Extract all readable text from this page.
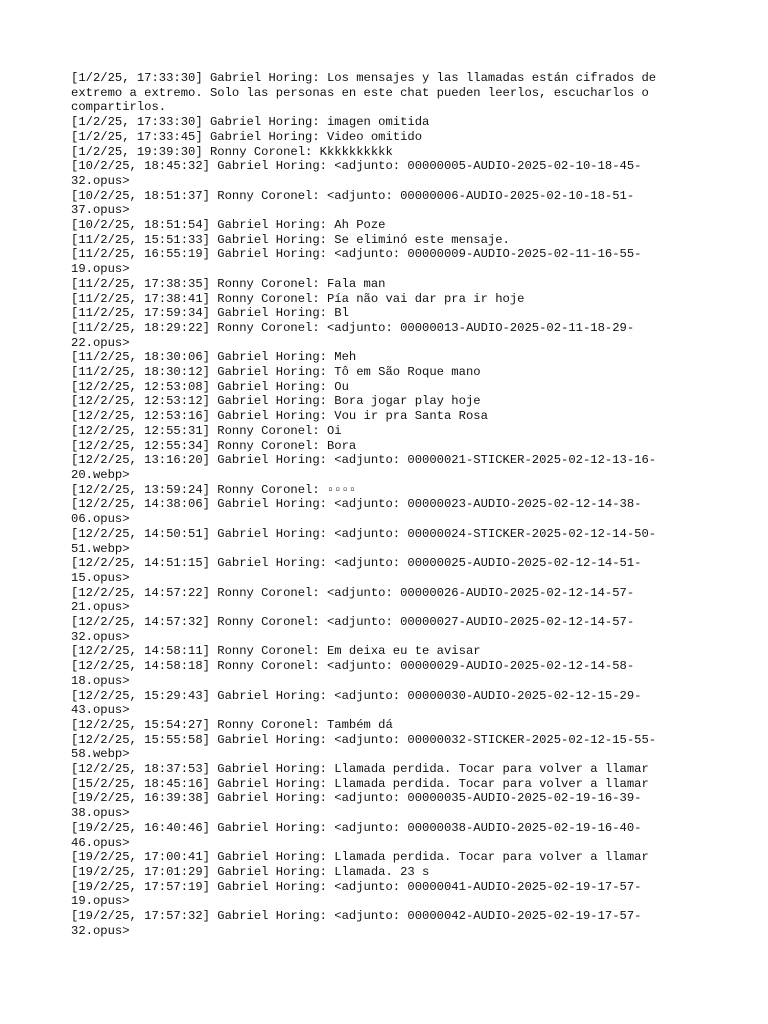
[1/2/25, 17:33:30] Gabriel Horing: Los mensajes y las llamadas están cifrados de
extremo a extremo. Solo las personas en este chat pueden leerlos, escucharlos o
compartirlos.
[1/2/25, 17:33:30] Gabriel Horing: imagen omitida
[1/2/25, 17:33:45] Gabriel Horing: Video omitido
[1/2/25, 19:39:30] Ronny Coronel: Kkkkkkkkkk
[10/2/25, 18:45:32] Gabriel Horing: <adjunto: 00000005-AUDIO-2025-02-10-18-45-
32.opus>
[10/2/25, 18:51:37] Ronny Coronel: <adjunto: 00000006-AUDIO-2025-02-10-18-51-
37.opus>
[10/2/25, 18:51:54] Gabriel Horing: Ah Poze
[11/2/25, 15:51:33] Gabriel Horing: Se eliminó este mensaje.
[11/2/25, 16:55:19] Gabriel Horing: <adjunto: 00000009-AUDIO-2025-02-11-16-55-
19.opus>
[11/2/25, 17:38:35] Ronny Coronel: Fala man
[11/2/25, 17:38:41] Ronny Coronel: Pía não vai dar pra ir hoje
[11/2/25, 17:59:34] Gabriel Horing: Bl
[11/2/25, 18:29:22] Ronny Coronel: <adjunto: 00000013-AUDIO-2025-02-11-18-29-
22.opus>
[11/2/25, 18:30:06] Gabriel Horing: Meh
[11/2/25, 18:30:12] Gabriel Horing: Tô em São Roque mano
[12/2/25, 12:53:08] Gabriel Horing: Ou
[12/2/25, 12:53:12] Gabriel Horing: Bora jogar play hoje
[12/2/25, 12:53:16] Gabriel Horing: Vou ir pra Santa Rosa
[12/2/25, 12:55:31] Ronny Coronel: Oi
[12/2/25, 12:55:34] Ronny Coronel: Bora
[12/2/25, 13:16:20] Gabriel Horing: <adjunto: 00000021-STICKER-2025-02-12-13-16-
20.webp>
[12/2/25, 13:59:24] Ronny Coronel: ▫▫▫▫
[12/2/25, 14:38:06] Gabriel Horing: <adjunto: 00000023-AUDIO-2025-02-12-14-38-
06.opus>
[12/2/25, 14:50:51] Gabriel Horing: <adjunto: 00000024-STICKER-2025-02-12-14-50-
51.webp>
[12/2/25, 14:51:15] Gabriel Horing: <adjunto: 00000025-AUDIO-2025-02-12-14-51-
15.opus>
[12/2/25, 14:57:22] Ronny Coronel: <adjunto: 00000026-AUDIO-2025-02-12-14-57-
21.opus>
[12/2/25, 14:57:32] Ronny Coronel: <adjunto: 00000027-AUDIO-2025-02-12-14-57-
32.opus>
[12/2/25, 14:58:11] Ronny Coronel: Em deixa eu te avisar
[12/2/25, 14:58:18] Ronny Coronel: <adjunto: 00000029-AUDIO-2025-02-12-14-58-
18.opus>
[12/2/25, 15:29:43] Gabriel Horing: <adjunto: 00000030-AUDIO-2025-02-12-15-29-
43.opus>
[12/2/25, 15:54:27] Ronny Coronel: Também dá
[12/2/25, 15:55:58] Gabriel Horing: <adjunto: 00000032-STICKER-2025-02-12-15-55-
58.webp>
[12/2/25, 18:37:53] Gabriel Horing: Llamada perdida. Tocar para volver a llamar
[15/2/25, 18:45:16] Gabriel Horing: Llamada perdida. Tocar para volver a llamar
[19/2/25, 16:39:38] Gabriel Horing: <adjunto: 00000035-AUDIO-2025-02-19-16-39-
38.opus>
[19/2/25, 16:40:46] Gabriel Horing: <adjunto: 00000038-AUDIO-2025-02-19-16-40-
46.opus>
[19/2/25, 17:00:41] Gabriel Horing: Llamada perdida. Tocar para volver a llamar
[19/2/25, 17:01:29] Gabriel Horing: Llamada. 23 s
[19/2/25, 17:57:19] Gabriel Horing: <adjunto: 00000041-AUDIO-2025-02-19-17-57-
19.opus>
[19/2/25, 17:57:32] Gabriel Horing: <adjunto: 00000042-AUDIO-2025-02-19-17-57-
32.opus>
